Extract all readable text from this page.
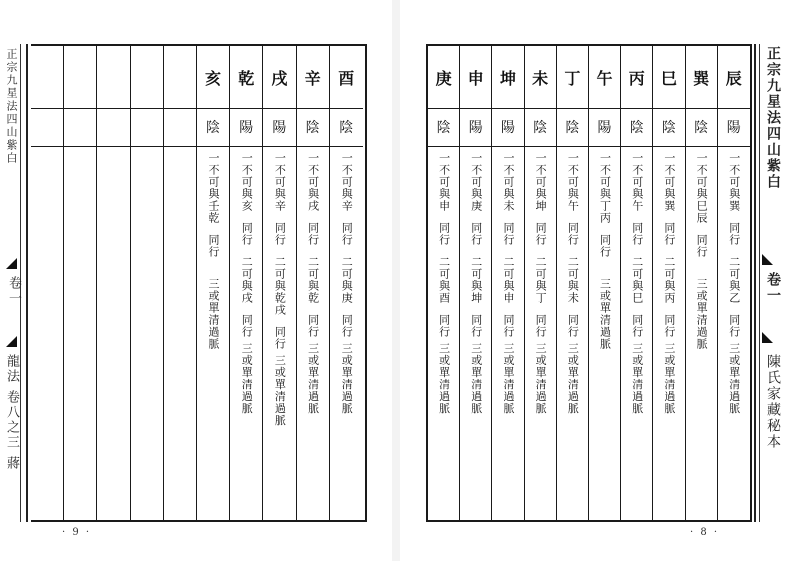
正宗九星法四山紫白
卷一
龍法 卷八之三 蔣
亥
陰
一不可與壬乾同行三或單清過脈
乾
陽
一不可與亥同行二可與戌同行 三或單清過脈
戌
陽
一不可與辛同行二可與乾戌同行 三或單清過脈
辛
陰
一不可與戌同行二可與乾同行 三或單清過脈
酉
陰
一不可與辛同行二可與庚同行 三或單清過脈
· 9 ·
庚
陰
一不可與申同行二可與酉同行 三或單清過脈
申
陽
一不可與庚同行二可與坤同行 三或單清過脈
坤
陽
一不可與未同行二可與申同行 三或單清過脈
未
陰
一不可與坤同行二可與丁同行 三或單清過脈
丁
陰
一不可與午同行二可與未同行 三或單清過脈
午
陽
一不可與丁丙同行三或單清過脈
丙
陰
一不可與午同行二可與巳同行 三或單清過脈
巳
陰
一不可與巽同行二可與丙同行 三或單清過脈
巽
陰
一不可與巳辰同行三或單清過脈
辰
陽
一不可與巽同行二可與乙同行 三或單清過脈
正宗九星法四山紫白
卷一
陳氏家藏秘本
· 8 ·
